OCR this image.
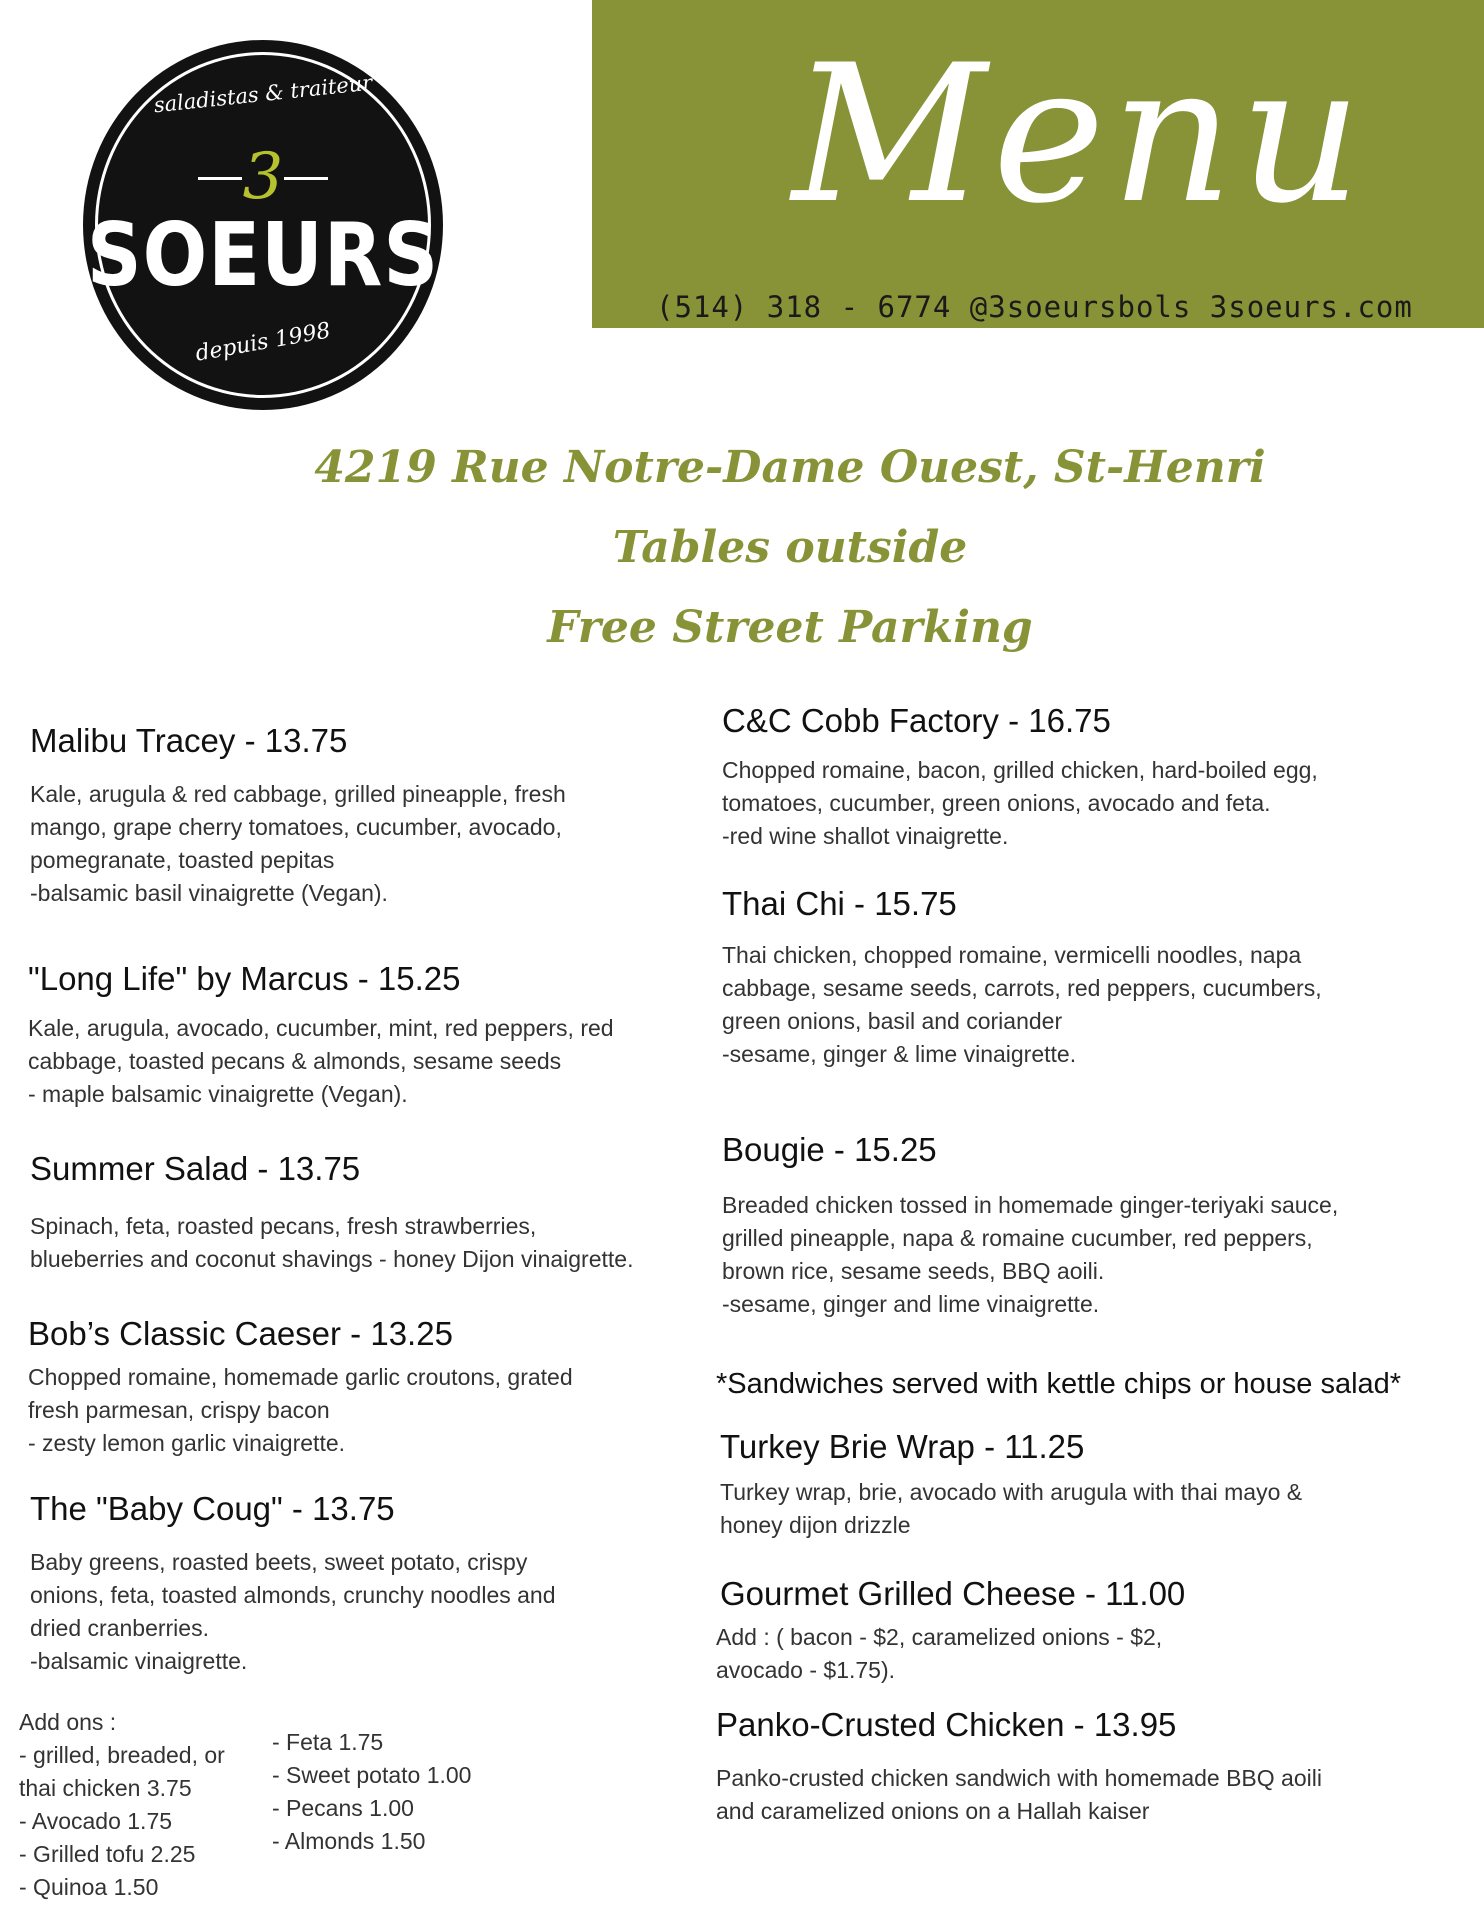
saladistas & traiteur
3
SOEURS
depuis 1998
Menu
(514) 318 - 6774 @3soeursbols 3soeurs.com
4219 Rue Notre-Dame Ouest, St-Henri
Tables outside
Free Street Parking
Malibu Tracey - 13.75
Kale, arugula & red cabbage, grilled pineapple, fresh
mango, grape cherry tomatoes, cucumber, avocado,
pomegranate, toasted pepitas
-balsamic basil vinaigrette (Vegan).
"Long Life" by Marcus - 15.25
Kale, arugula, avocado, cucumber, mint, red peppers, red
cabbage, toasted pecans & almonds, sesame seeds
- maple balsamic vinaigrette (Vegan).
Summer Salad - 13.75
Spinach, feta, roasted pecans, fresh strawberries,
blueberries and coconut shavings - honey Dijon vinaigrette.
Bob’s Classic Caeser - 13.25
Chopped romaine, homemade garlic croutons, grated
fresh parmesan, crispy bacon
- zesty lemon garlic vinaigrette.
The "Baby Coug" - 13.75
Baby greens, roasted beets, sweet potato, crispy
onions, feta, toasted almonds, crunchy noodles and
dried cranberries.
-balsamic vinaigrette.
Add ons :
- grilled, breaded, or
thai chicken 3.75
- Avocado 1.75
- Grilled tofu 2.25
- Quinoa 1.50
- Feta 1.75
- Sweet potato 1.00
- Pecans 1.00
- Almonds 1.50
C&C Cobb Factory - 16.75
Chopped romaine, bacon, grilled chicken, hard-boiled egg,
tomatoes, cucumber, green onions, avocado and feta.
-red wine shallot vinaigrette.
Thai Chi - 15.75
Thai chicken, chopped romaine, vermicelli noodles, napa
cabbage, sesame seeds, carrots, red peppers, cucumbers,
green onions, basil and coriander
-sesame, ginger & lime vinaigrette.
Bougie - 15.25
Breaded chicken tossed in homemade ginger-teriyaki sauce,
grilled pineapple, napa & romaine cucumber, red peppers,
brown rice, sesame seeds, BBQ aoili.
-sesame, ginger and lime vinaigrette.
*Sandwiches served with kettle chips or house salad*
Turkey Brie Wrap - 11.25
Turkey wrap, brie, avocado with arugula with thai mayo &
honey dijon drizzle
Gourmet Grilled Cheese - 11.00
Add : ( bacon - $2, caramelized onions - $2,
avocado - $1.75).
Panko-Crusted Chicken - 13.95
Panko-crusted chicken sandwich with homemade BBQ aoili
and caramelized onions on a Hallah kaiser
